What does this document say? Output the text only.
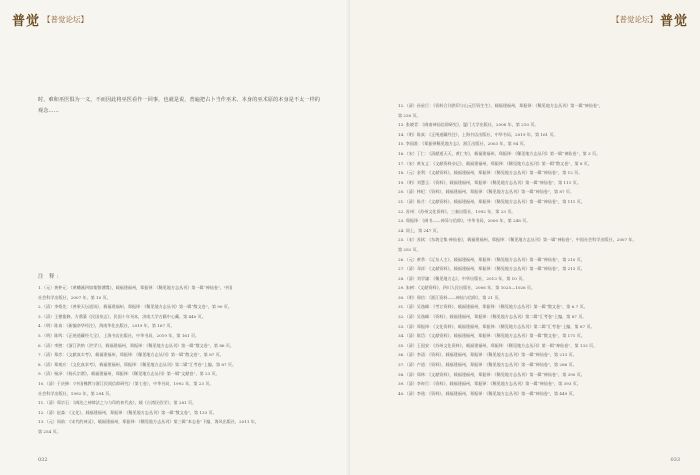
普觉 【普觉论坛】

时，难和巫医俱为一义，不而因此将巫医看作一回事，也就是说，普遍把占卜当作巫术、本身的巫术原的本身是不太一样的观念……

注 释：
1.（元）黄仲元：《黄蟠溪四如集暨谱牒》，载福建福州，郑振铎：《稀见地方志丛刊》第一辑“神仙卷”，中国
社会科学出版社，2007 年，第 10 页。
2.（清）李樗先：《善果天坛道场》，载福建福州，郑振铎：《稀见地方志丛刊》第一辑“散文卷”，第 90 页。
3.（清）王德俊修，方鼎篆《民国泉志》，民国十年刊本，济南大学古籍中心藏。第 440 页。
4.（明）陈真：《新编奈华经注》，海南华化出版社，2019 年，第 167 页。
5.（明）陈鸣：《正统道藏经大全》，上海书店出版社，中华书局，2019 年，第 161 页。
6.（清）李煦：《浙江洪纳（洪学）》，载福建福州，郑振铎：《稀见地方志丛刊》第一辑“散文卷”，第 86 页。
7.（清）郑彦：《文献真实考》，载福建福州，郑振铎：《稀见地方志丛刊》第一辑“散文卷”，第 87 页。
8.（清）郑观应：《文化真求考》，载福建福州，郑振铎：《稀见地方志丛刊》第二辑“汇考卷”上编，第 87 页。
9.（清）杨泽：《杨氏宗谱》，载福建福州，郑振铎：《稀见地方志丛刊》第一辑“文献卷”，第 23 页。
10.（清）于庆修：《中国佛教与浙江民间信仰研究》（第七卷），中华书局，1992 年，第 23 页。
社会科学出版社，1992 年，第 294 页。
11.（清）郑宗石：《闽治之神律法之与与印的初代表》，载《台湾民俗学》，第 281 页。
12.（清）赵淼：《文化》，载福建福州，郑振铎：《稀见地方志丛刊》第一辑“散文卷”，第 133 页。
13.（元）同前：《宋代的神灵》，载福建福州，郑振铎：《稀见地方志丛刊》第三辑“本志卷”下编，海风出版社，2011 年，
第 254 页。
032
【普觉论坛】 普觉
12.（清）孙星行：《资料合刊供印与山元臣资生生》，载福建福州，郑振铎：《稀见地方志丛刊》第一辑“神仙卷”，
第 230 页。
13. 张晓青：《闽南神仙信仰研究》，厦门大学出版社，2008 年，第 210 页。
14.（明）陈真：《正统道藏经注》，上海书店出版社，中华书局，2019 年，第 161 页。
15. 李国淮：《郑振铎稀见地方志》，浙江出版社，2003 年，第 94 页。
16.（宋）丁仁：《清献道天天，黄仁有》，载福建福州，郑振铎：《稀见地方志丛刊》第一辑“神仙卷”，第 3 页。
17.（宋）黄友义：《文献资料杂记》，载福建福州，郑振铎：《稀见地方志丛刊》第一辑“散文卷”，第 8 页。
18.（元）金利：《文献资料》，载福建福州，郑振铎：《稀见地方志丛刊》第一辑“神仙卷”，第 12 页。
19.（明）刘慧玉：《资料》，载福建福州，郑振铎：《稀见地方志丛刊》第一辑“神仙卷”，第 111 页。
20.（清）林纪：《资料》，载福建福州，郑振铎：《稀见地方志丛刊》第一辑“神仙卷”，第 87 页。
21.（清）陈月：《文献资料》，载福建福州，郑振铎：《稀见地方志丛刊》第一辑“神仙卷”，第 111 页。
22. 苏州：《苏州文化资料》，三秦出版社，1992 年，第 23 页。
23. 郑振铎：《闽书——神异与信仰》，中华书局，2000 年，第 248 页。
24. 同上，第 247 页。
25.（宋）苏轼：《东坡全集·神仙卷》，载福建福州，郑振铎：《稀见地方志丛刊》第一辑“神仙卷”，中国社会科学出版社，2007 年，
第 292 页。
26.（元）黄季：《辽东人主》，载福建福州，郑振铎：《稀见地方志丛刊》第一辑“神仙卷”，第 210 页。
27.（清）邓祥：《文献资料》，载福建福州，郑振铎：《稀见地方志丛刊》第一辑“神仙卷”，第 213 页。
28.（清）刘学谦：《稀见地方志》，中华出版社，2013 年，第 10 页。
29. 朱树：《文献资料》，四川人民出版社，2006 年，第 1025—1026 页。
30.（明）邢仿：《浙江资料——神仙与信仰》，第 21 页。
31.（清）吴逸峰：《考订资料》，载福建福州，郑振铎：《稀见地方志丛刊》第一辑“散文卷”，第 6.7 页。
32.（清）吴逸峰：《资料》，载福建福州，郑振铎：《稀见地方志丛刊》第二辑“汇考卷”上编，第 87 页。
33.（清）郑振铎：《文化资料》，载福建福州，郑振铎：《稀见地方志丛刊》第二辑“汇考卷”上编，第 87 页。
34.（清）陈岱：《文献资料》，载福建福州，郑振铎：《稀见地方志丛刊》第一辑“散文卷”，第 171 页。
35.（清）王国安：《苏州文化资料》，载福建福州，郑振铎：《稀见地方志丛刊》第一辑“神仙卷”，第 133 页。
36.（清）李清：《资料》，载福建福州，郑振铎：《稀见地方志丛刊》第一辑“神仙卷”，第 213 页。
37.（清）卢道：《资料》，载福建福州，郑振铎：《稀见地方志丛刊》第一辑“神仙卷”，第 286 页。
38.（清）郑林：《文献资料》，载福建福州，郑振铎：《稀见地方志丛刊》第一辑“神仙卷”，第 390 页。
39.（清）李时行：《资料》，载福建福州，郑振铎：《稀见地方志丛刊》第一辑“神仙卷”，第 393 页。
40.（清）李逸：《资料》，载福建福州，郑振铎：《稀见地方志丛刊》第一辑“神仙卷”，第 449 页。
033
